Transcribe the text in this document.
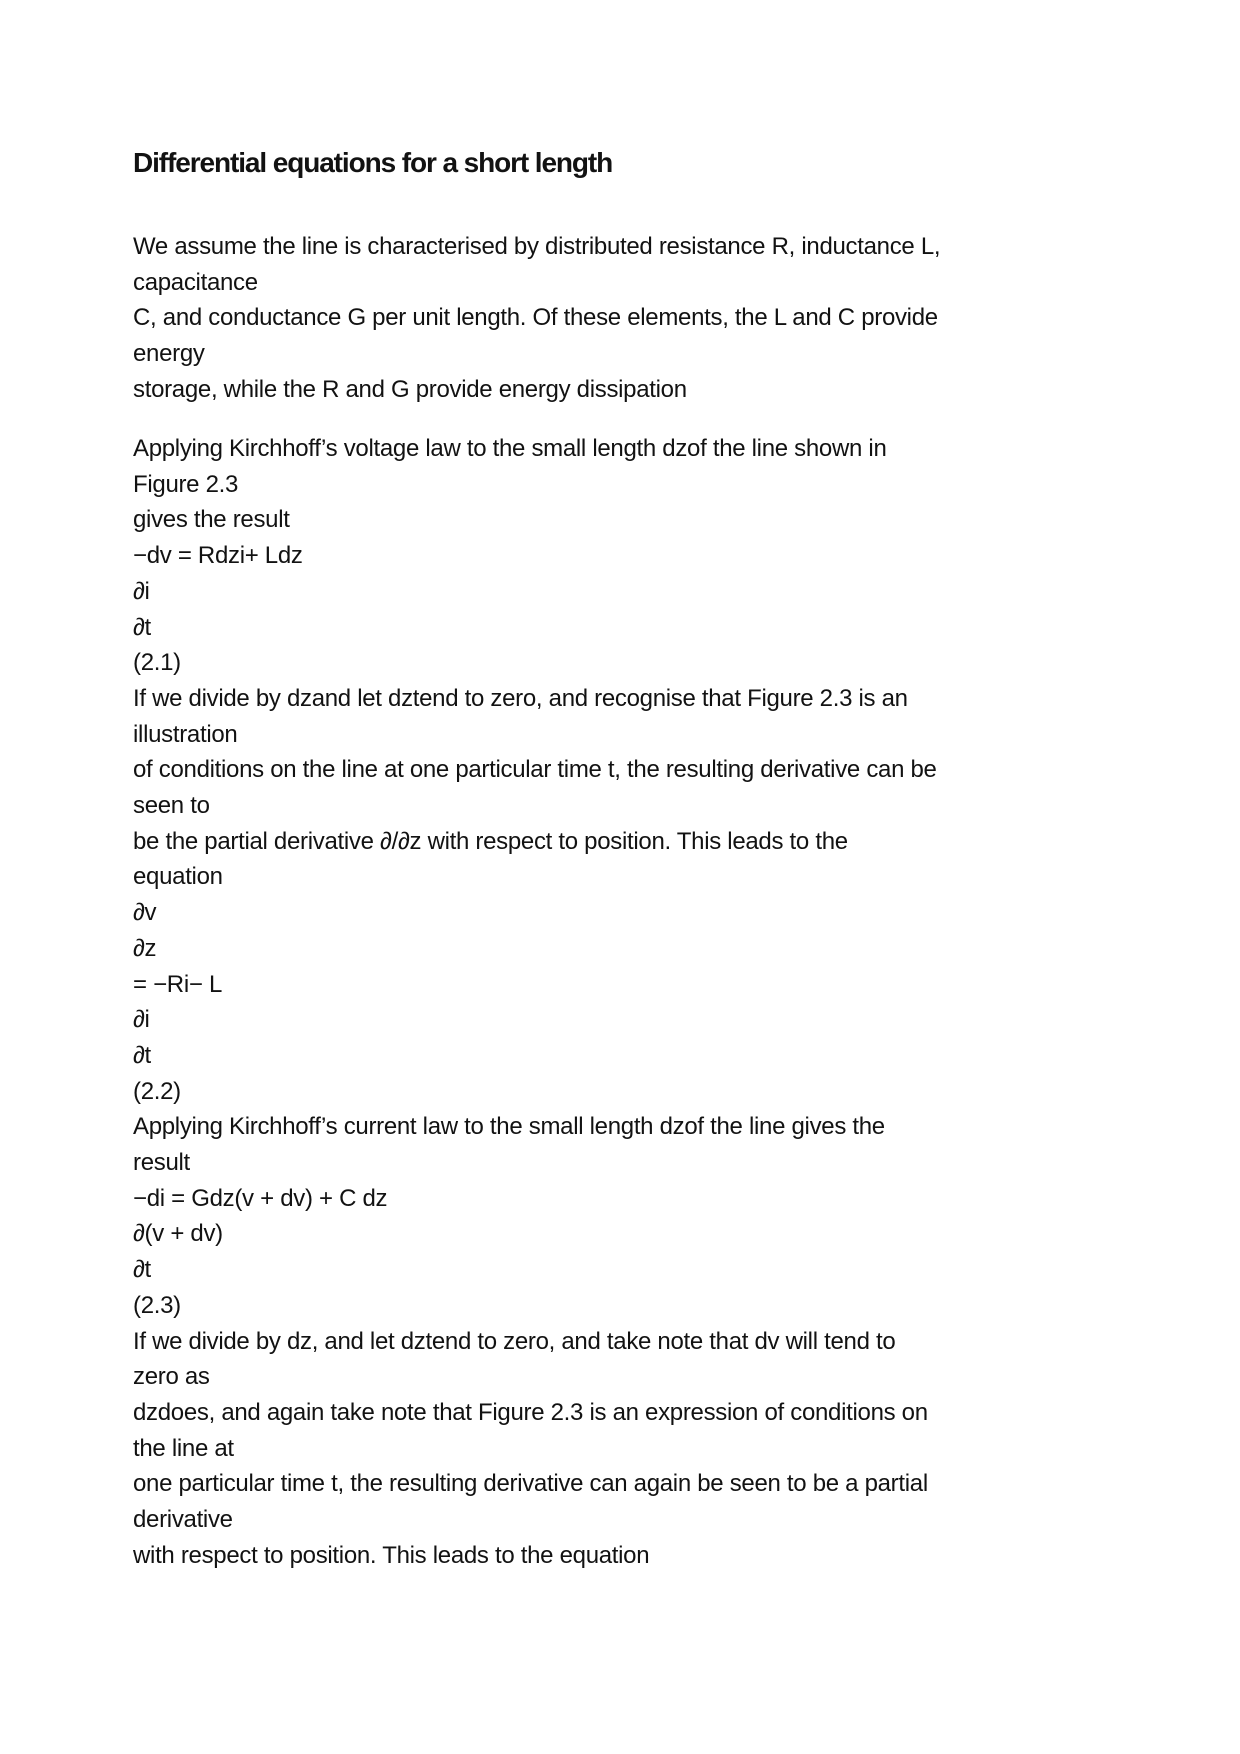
Differential equations for a short length
We assume the line is characterised by distributed resistance R, inductance L,
capacitance
C, and conductance G per unit length. Of these elements, the L and C provide
energy
storage, while the R and G provide energy dissipation
Applying Kirchhoff’s voltage law to the small length dzof the line shown in
Figure 2.3
gives the result
−dv = Rdzi+ Ldz
∂i
∂t
(2.1)
If we divide by dzand let dztend to zero, and recognise that Figure 2.3 is an
illustration
of conditions on the line at one particular time t, the resulting derivative can be
seen to
be the partial derivative ∂/∂z with respect to position. This leads to the
equation
∂v
∂z
= −Ri− L
∂i
∂t
(2.2)
Applying Kirchhoff’s current law to the small length dzof the line gives the
result
−di = Gdz(v + dv) + C dz
∂(v + dv)
∂t
(2.3)
If we divide by dz, and let dztend to zero, and take note that dv will tend to
zero as
dzdoes, and again take note that Figure 2.3 is an expression of conditions on
the line at
one particular time t, the resulting derivative can again be seen to be a partial
derivative
with respect to position. This leads to the equation
